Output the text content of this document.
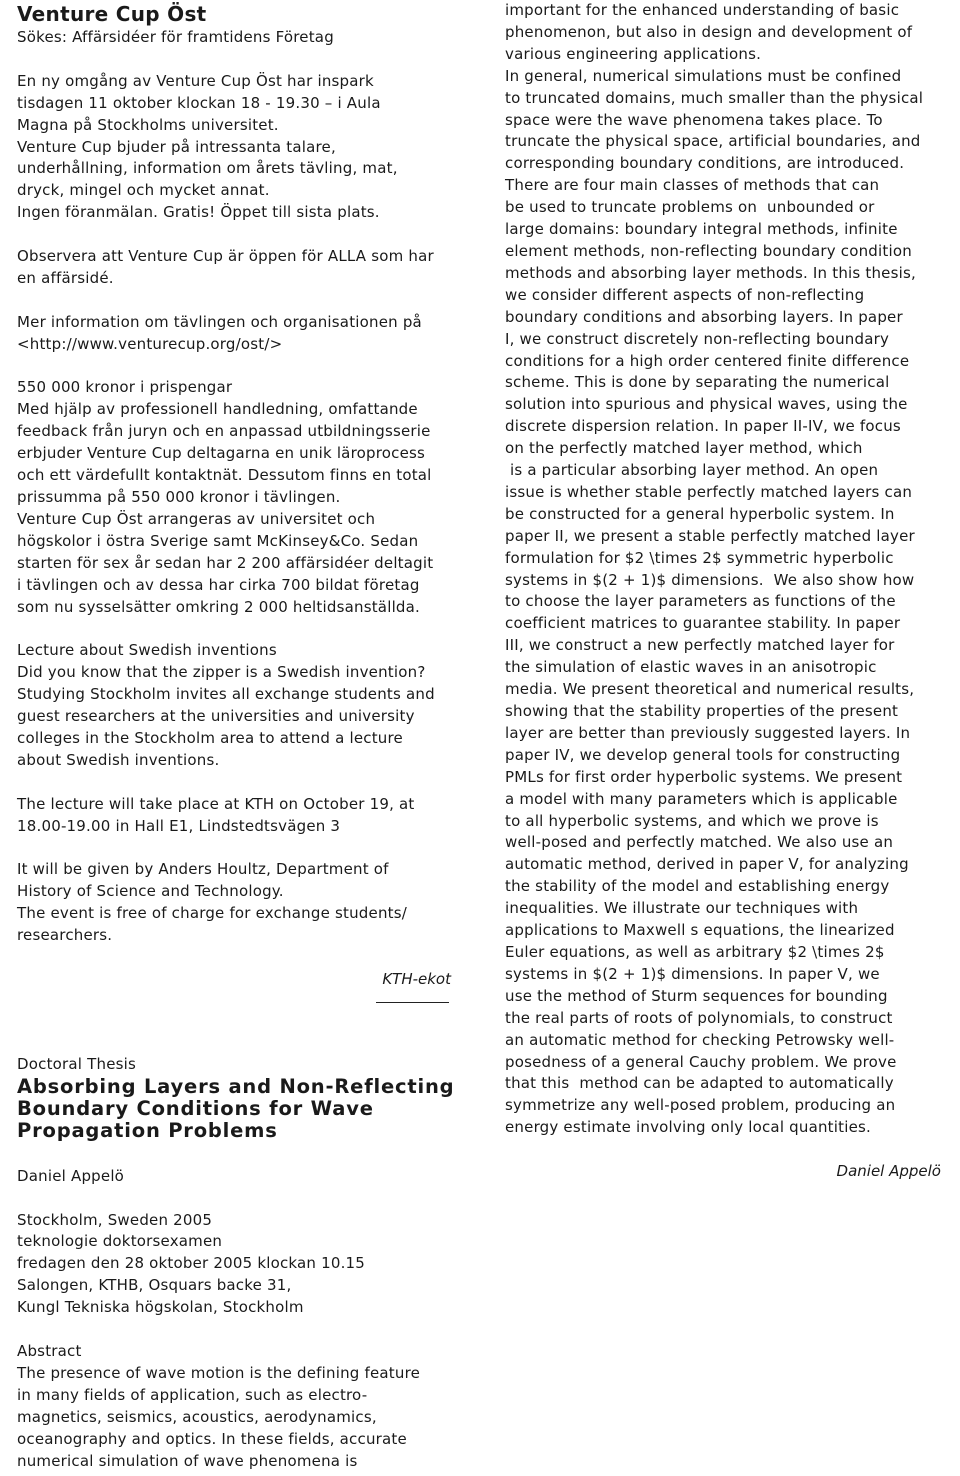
Venture Cup Öst
Sökes: Affärsidéer för framtidens Företag

En ny omgång av Venture Cup Öst har inspark
tisdagen 11 oktober klockan 18 - 19.30 – i Aula
Magna på Stockholms universitet.
Venture Cup bjuder på intressanta talare,
underhållning, information om årets tävling, mat,
dryck, mingel och mycket annat.
Ingen föranmälan. Gratis! Öppet till sista plats.
Observera att Venture Cup är öppen för ALLA som har
en affärsidé.
Mer information om tävlingen och organisationen på
<http://www.venturecup.org/ost/>
550 000 kronor i prispengar
Med hjälp av professionell handledning, omfattande
feedback från juryn och en anpassad utbildningsserie
erbjuder Venture Cup deltagarna en unik läroprocess
och ett värdefullt kontaktnät. Dessutom finns en total
prissumma på 550 000 kronor i tävlingen.
Venture Cup Öst arrangeras av universitet och
högskolor i östra Sverige samt McKinsey&Co. Sedan
starten för sex år sedan har 2 200 affärsidéer deltagit
i tävlingen och av dessa har cirka 700 bildat företag
som nu sysselsätter omkring 2 000 heltidsanställda.
Lecture about Swedish inventions
Did you know that the zipper is a Swedish invention?
Studying Stockholm invites all exchange students and
guest researchers at the universities and university
colleges in the Stockholm area to attend a lecture
about Swedish inventions.
The lecture will take place at KTH on October 19, at
18.00-19.00 in Hall E1, Lindstedtsvägen 3
It will be given by Anders Houltz, Department of
History of Science and Technology.
The event is free of charge for exchange students/
researchers.
KTH-ekot
Doctoral Thesis
Absorbing Layers and Non-Reflecting
Boundary Conditions for Wave
Propagation Problems
Daniel Appelö
Stockholm, Sweden 2005
teknologie doktorsexamen
fredagen den 28 oktober 2005 klockan 10.15
Salongen, KTHB, Osquars backe 31,
Kungl Tekniska högskolan, Stockholm
Abstract
The presence of wave motion is the defining feature
in many fields of application, such as electro-
magnetics, seismics, acoustics, aerodynamics,
oceanography and optics. In these fields, accurate
numerical simulation of wave phenomena is
important for the enhanced understanding of basic
phenomenon, but also in design and development of
various engineering applications.
In general, numerical simulations must be confined
to truncated domains, much smaller than the physical
space were the wave phenomena takes place. To
truncate the physical space, artificial boundaries, and
corresponding boundary conditions, are introduced.
There are four main classes of methods that can
be used to truncate problems on  unbounded or
large domains: boundary integral methods, infinite
element methods, non-reflecting boundary condition
methods and absorbing layer methods. In this thesis,
we consider different aspects of non-reflecting
boundary conditions and absorbing layers. In paper
I, we construct discretely non-reflecting boundary
conditions for a high order centered finite difference
scheme. This is done by separating the numerical
solution into spurious and physical waves, using the
discrete dispersion relation. In paper II-IV, we focus
on the perfectly matched layer method, which
is a particular absorbing layer method. An open
issue is whether stable perfectly matched layers can
be constructed for a general hyperbolic system. In
paper II, we present a stable perfectly matched layer
formulation for $2 \times 2$ symmetric hyperbolic
systems in $(2 + 1)$ dimensions.  We also show how
to choose the layer parameters as functions of the
coefficient matrices to guarantee stability. In paper
III, we construct a new perfectly matched layer for
the simulation of elastic waves in an anisotropic
media. We present theoretical and numerical results,
showing that the stability properties of the present
layer are better than previously suggested layers. In
paper IV, we develop general tools for constructing
PMLs for first order hyperbolic systems. We present
a model with many parameters which is applicable
to all hyperbolic systems, and which we prove is
well-posed and perfectly matched. We also use an
automatic method, derived in paper V, for analyzing
the stability of the model and establishing energy
inequalities. We illustrate our techniques with
applications to Maxwell s equations, the linearized
Euler equations, as well as arbitrary $2 \times 2$
systems in $(2 + 1)$ dimensions. In paper V, we
use the method of Sturm sequences for bounding
the real parts of roots of polynomials, to construct
an automatic method for checking Petrowsky well-
posedness of a general Cauchy problem. We prove
that this  method can be adapted to automatically
symmetrize any well-posed problem, producing an
energy estimate involving only local quantities.
Daniel Appelö
